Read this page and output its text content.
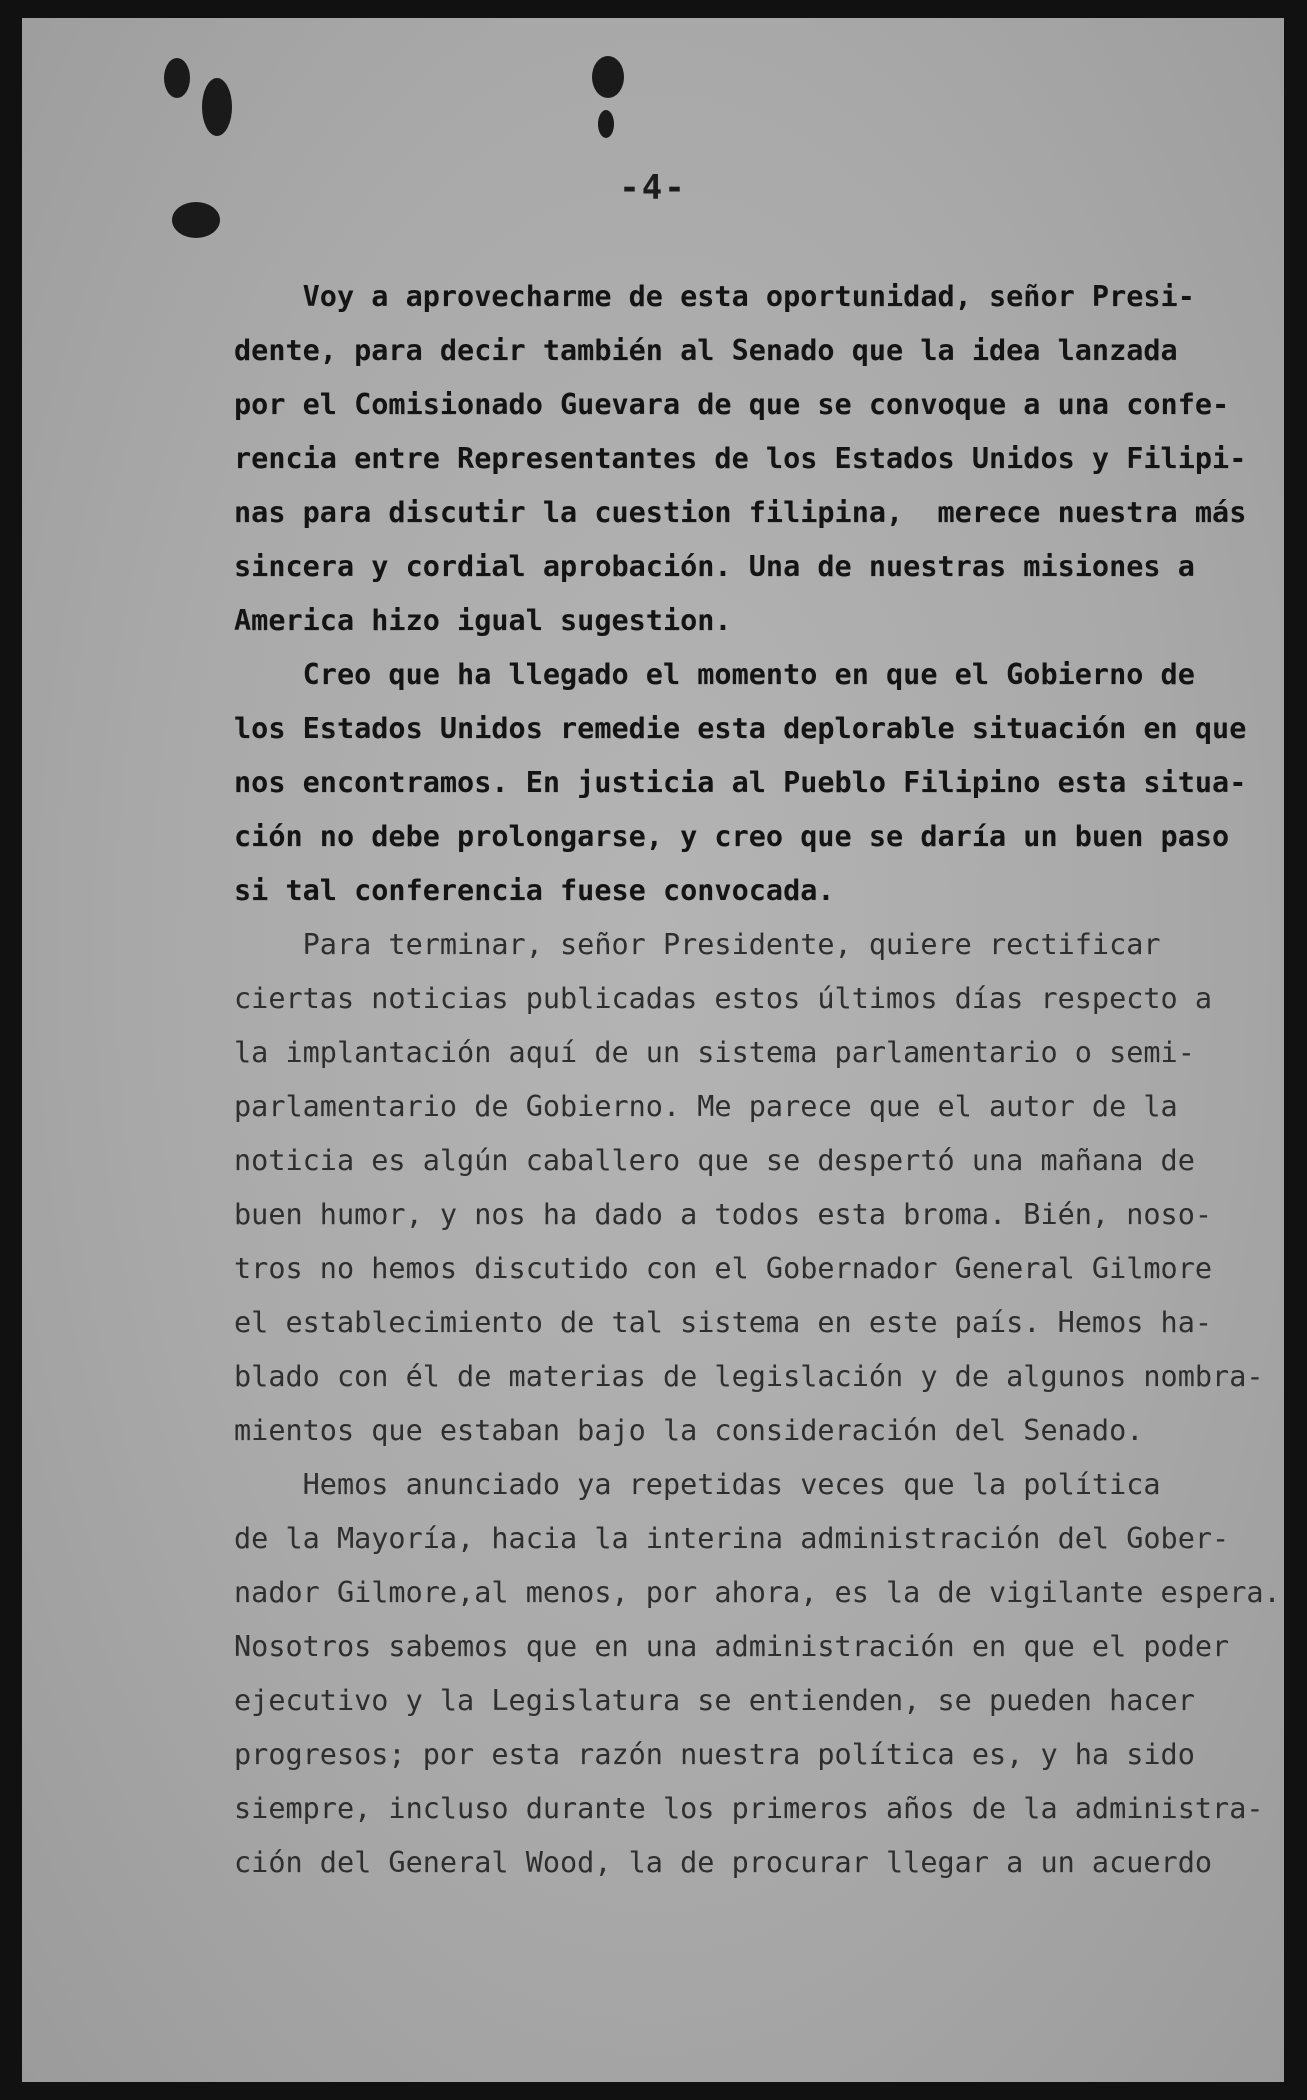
-4-
Voy a aprovecharme de esta oportunidad, señor Presi-
dente, para decir también al Senado que la idea lanzada
por el Comisionado Guevara de que se convoque a una confe-
rencia entre Representantes de los Estados Unidos y Filipi-
nas para discutir la cuestion filipina,  merece nuestra más
sincera y cordial aprobación. Una de nuestras misiones a
America hizo igual sugestion.
Creo que ha llegado el momento en que el Gobierno de
los Estados Unidos remedie esta deplorable situación en que
nos encontramos. En justicia al Pueblo Filipino esta situa-
ción no debe prolongarse, y creo que se daría un buen paso
si tal conferencia fuese convocada.
Para terminar, señor Presidente, quiere rectificar
ciertas noticias publicadas estos últimos días respecto a
la implantación aquí de un sistema parlamentario o semi-
parlamentario de Gobierno. Me parece que el autor de la
noticia es algún caballero que se despertó una mañana de
buen humor, y nos ha dado a todos esta broma. Bién, noso-
tros no hemos discutido con el Gobernador General Gilmore
el establecimiento de tal sistema en este país. Hemos ha-
blado con él de materias de legislación y de algunos nombra-
mientos que estaban bajo la consideración del Senado.
Hemos anunciado ya repetidas veces que la política
de la Mayoría, hacia la interina administración del Gober-
nador Gilmore,al menos, por ahora, es la de vigilante espera.
Nosotros sabemos que en una administración en que el poder
ejecutivo y la Legislatura se entienden, se pueden hacer
progresos; por esta razón nuestra política es, y ha sido
siempre, incluso durante los primeros años de la administra-
ción del General Wood, la de procurar llegar a un acuerdo
